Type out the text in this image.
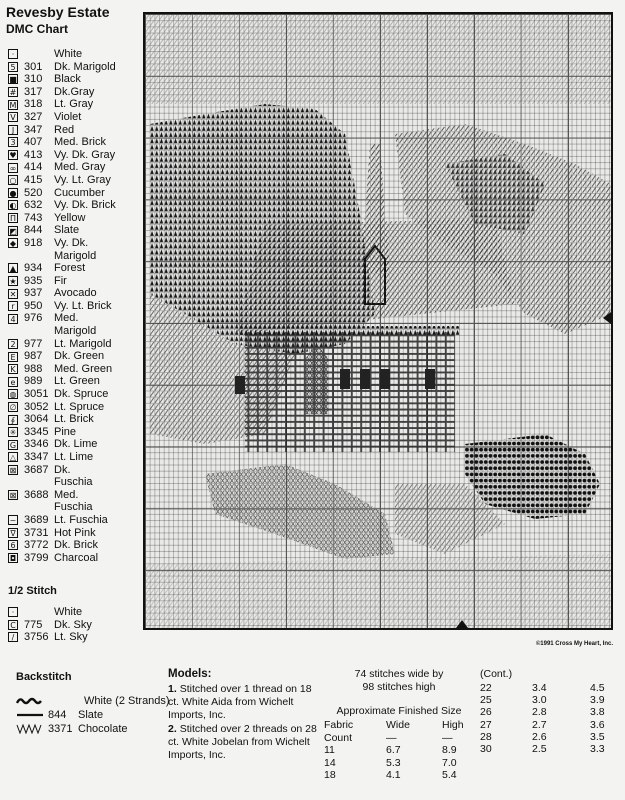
Revesby Estate
DMC Chart
·	White
5 301	Dk. Marigold
■ 310	Black
# 317	Dk.Gray
M 318	Lt. Gray
V 327	Violet
J 347	Red
3 407	Med. Brick
♥ 413	Vy. Dk. Gray
∞ 414	Med. Gray
○ 415	Vy. Lt. Gray
● 520	Cucumber
◐ 632	Vy. Dk. Brick
Π 743	Yellow
◩ 844	Slate
◆ 918	Vy. Dk.
Marigold
▲ 934	Forest
★ 935	Fir
✕ 937	Avocado
r 950	Vy. Lt. Brick
4 976	Med.
Marigold
2 977	Lt. Marigold
E 987	Dk. Green
K 988	Med. Green
e 989	Lt. Green
◍ 3051 Dk. Spruce
∅ 3052 Lt. Spruce
∮ 3064 Lt. Brick
✳ 3345 Pine
G 3346 Dk. Lime
△ 3347 Lt. Lime
⊠ 3687 Dk.
Fuschia
⊠ 3688 Med.
Fuschia
~ 3689 Lt. Fuschia
∇ 3731 Hot Pink
6 3772 Dk. Brick
◘ 3799 Charcoal
1/2 Stitch
·	White
C 775	Dk. Sky
/ 3756 Lt. Sky
©1991 Cross My Heart, Inc.
Backstitch
White (2 Strands)
844	Slate
3371 Chocolate
Models:

1. Stitched over 1 thread on 18 ct. White Aida from Wichelt Imports, Inc.

2. Stitched over 2 threads on 28 ct. White Jobelan from Wichelt Imports, Inc.

74 stitches wide by
98 stitches high
Approximate Finished Size
Fabric	Wide	High
Count	—	—
11	6.7	8.9
14	5.3	7.0
18	4.1	5.4
(Cont.)
22	3.4	4.5
25	3.0	3.9
26	2.8	3.8
27	2.7	3.6
28	2.6	3.5
30	2.5	3.3
